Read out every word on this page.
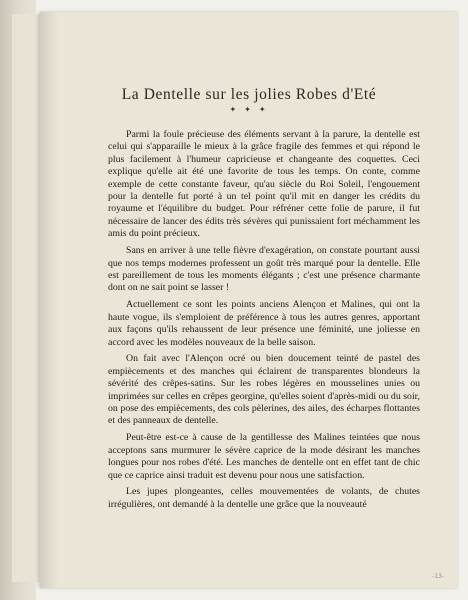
La Dentelle sur les jolies Robes d'Eté
✦ ✦ ✦

Parmi la foule précieuse des éléments servant à la parure, la dentelle est celui qui s'apparaille le mieux à la grâce fragile des femmes et qui répond le plus facilement à l'humeur capricieuse et changeante des coquettes. Ceci explique qu'elle ait été une favorite de tous les temps. On conte, comme exemple de cette constante faveur, qu'au siècle du Roi Soleil, l'engouement pour la dentelle fut porté à un tel point qu'il mit en danger les crédits du royaume et l'équilibre du budget. Pour réfréner cette folie de parure, il fut nécessaire de lancer des édits très sévères qui punissaient fort méchamment les amis du point précieux.

Sans en arriver à une telle fièvre d'exagération, on constate pourtant aussi que nos temps modernes professent un goût très marqué pour la dentelle. Elle est pareillement de tous les moments élégants ; c'est une présence charmante dont on ne sait point se lasser !

Actuellement ce sont les points anciens Alençon et Malines, qui ont la haute vogue, ils s'emploient de préférence à tous les autres genres, apportant aux façons qu'ils rehaussent de leur présence une féminité, une joliesse en accord avec les modèles nouveaux de la belle saison.

On fait avec l'Alençon ocré ou bien doucement teinté de pastel des empiècements et des manches qui éclairent de transparentes blondeurs la sévérité des crêpes-satins. Sur les robes légères en mousselines unies ou imprimées sur celles en crêpes georgine, qu'elles soient d'après-midi ou du soir, on pose des empiècements, des cols pèlerines, des ailes, des écharpes flottantes et des panneaux de dentelle.

Peut-être est-ce à cause de la gentillesse des Malines teintées que nous acceptons sans murmurer le sévère caprice de la mode désirant les manches longues pour nos robes d'été. Les manches de dentelle ont en effet tant de chic que ce caprice ainsi traduit est devenu pour nous une satisfaction.

Les jupes plongeantes, celles mouvementées de volants, de chutes irrégulières, ont demandé à la dentelle une grâce que la nouveauté

-13-
